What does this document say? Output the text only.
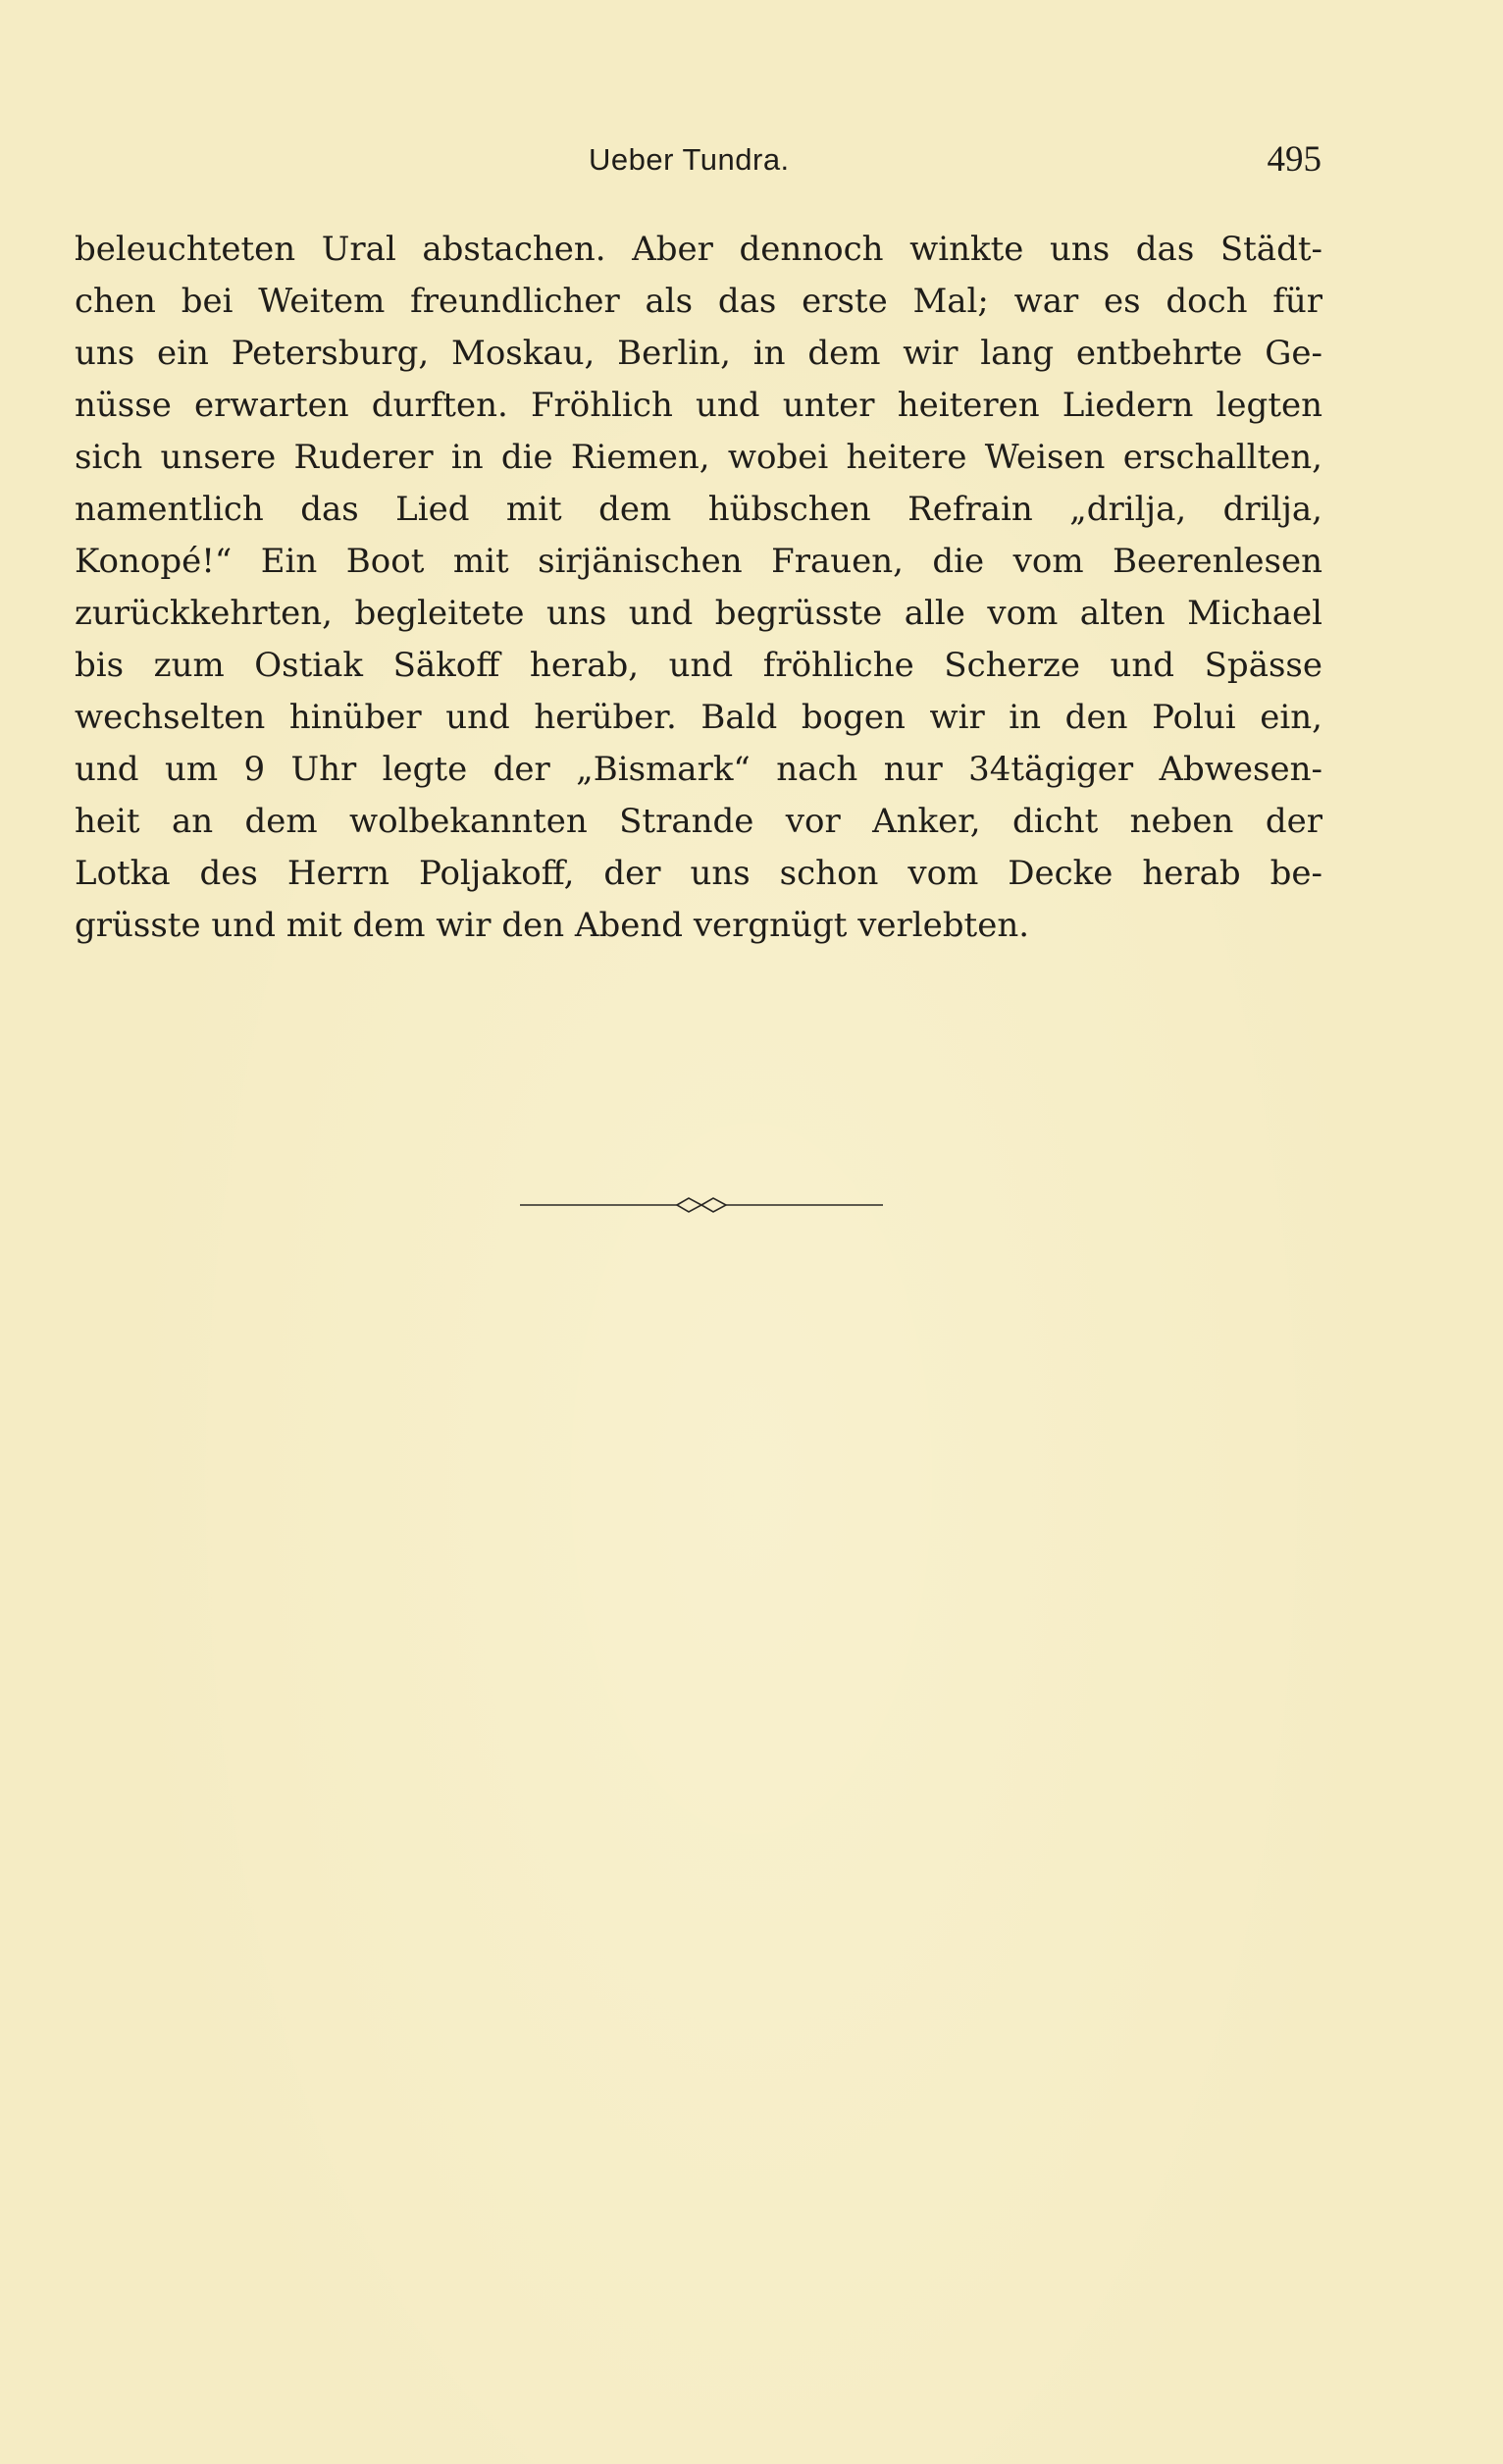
Ueber Tundra.	495
beleuchteten Ural abstachen. Aber dennoch winkte uns das Städt-
chen bei Weitem freundlicher als das erste Mal; war es doch für
uns ein Petersburg, Moskau, Berlin, in dem wir lang entbehrte Ge-
nüsse erwarten durften. Fröhlich und unter heiteren Liedern legten
sich unsere Ruderer in die Riemen, wobei heitere Weisen erschallten,
namentlich das Lied mit dem hübschen Refrain „drilja, drilja,
Konopé!“ Ein Boot mit sirjänischen Frauen, die vom Beerenlesen
zurückkehrten, begleitete uns und begrüsste alle vom alten Michael
bis zum Ostiak Säkoff herab, und fröhliche Scherze und Spässe
wechselten hinüber und herüber. Bald bogen wir in den Polui ein,
und um 9 Uhr legte der „Bismark“ nach nur 34tägiger Abwesen-
heit an dem wolbekannten Strande vor Anker, dicht neben der
Lotka des Herrn Poljakoff, der uns schon vom Decke herab be-
grüsste und mit dem wir den Abend vergnügt verlebten.
